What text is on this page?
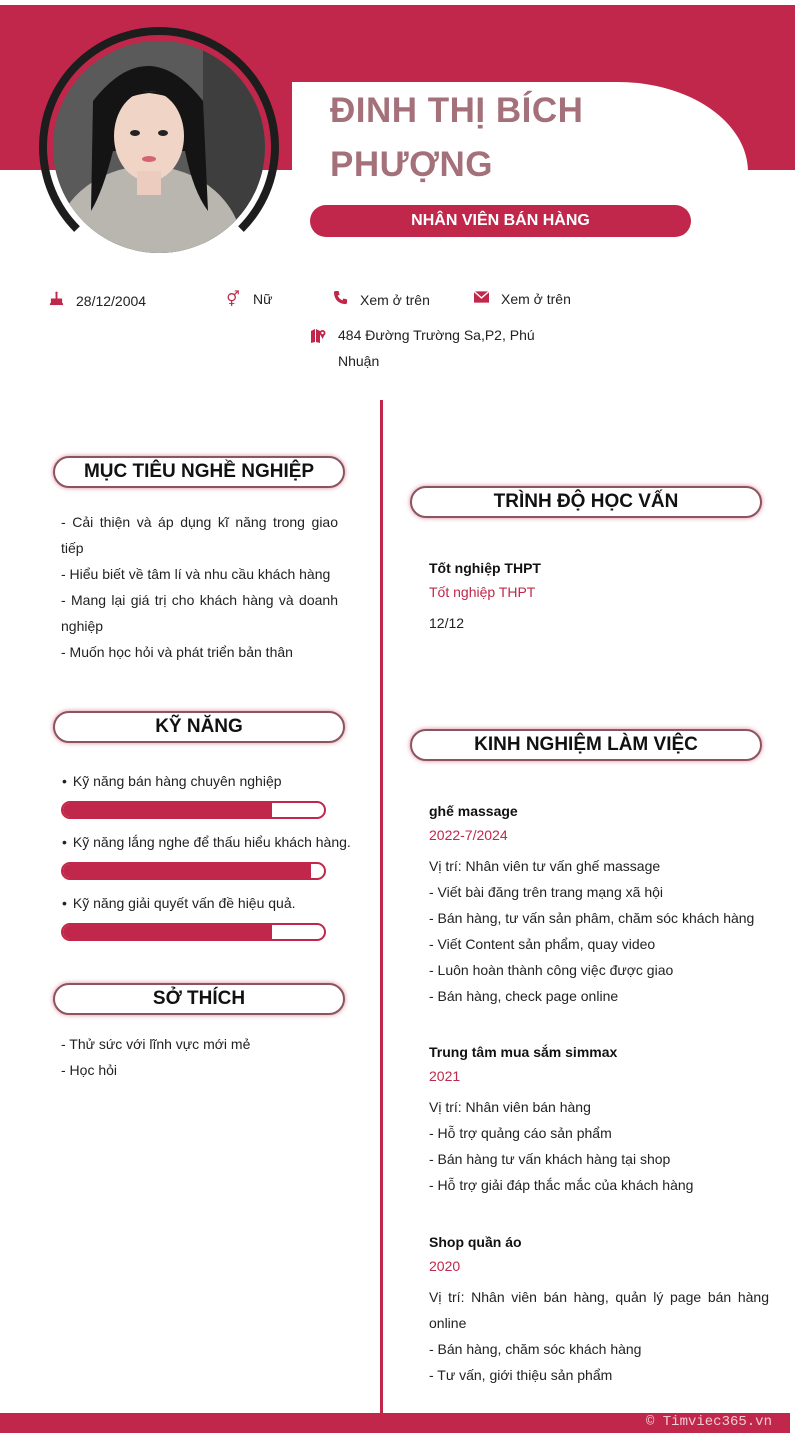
ĐINH THỊ BÍCH
PHƯỢNG
NHÂN VIÊN BÁN HÀNG
28/12/2004	⚥ Nữ	Xem ở trên	Xem ở trên
484 Đường Trường Sa,P2, Phú
Nhuận
MỤC TIÊU NGHỀ NGHIỆP
- Cải thiện và áp dụng kĩ năng trong giao tiếp
- Hiểu biết về tâm lí và nhu cầu khách hàng
- Mang lại giá trị cho khách hàng và doanh nghiệp
- Muốn học hỏi và phát triển bản thân
KỸ NĂNG
• Kỹ năng bán hàng chuyên nghiệp
• Kỹ năng lắng nghe để thấu hiểu khách hàng.
• Kỹ năng giải quyết vấn đề hiệu quả.
SỞ THÍCH
- Thử sức với lĩnh vực mới mẻ
- Học hỏi
TRÌNH ĐỘ HỌC VẤN
Tốt nghiệp THPT
Tốt nghiệp THPT
12/12
KINH NGHIỆM LÀM VIỆC
ghế massage
2022-7/2024
Vị trí: Nhân viên tư vấn ghế massage
- Viết bài đăng trên trang mạng xã hội
- Bán hàng, tư vấn sản phâm, chăm sóc khách hàng
- Viết Content sản phẩm, quay video
- Luôn hoàn thành công việc được giao
- Bán hàng, check page online
Trung tâm mua sắm simmax
2021
Vị trí: Nhân viên bán hàng
- Hỗ trợ quảng cáo sản phẩm
- Bán hàng tư vấn khách hàng tại shop
- Hỗ trợ giải đáp thắc mắc của khách hàng
Shop quần áo
2020
Vị trí: Nhân viên bán hàng, quản lý page bán hàng online
- Bán hàng, chăm sóc khách hàng
- Tư vấn, giới thiệu sản phẩm
© Timviec365.vn
